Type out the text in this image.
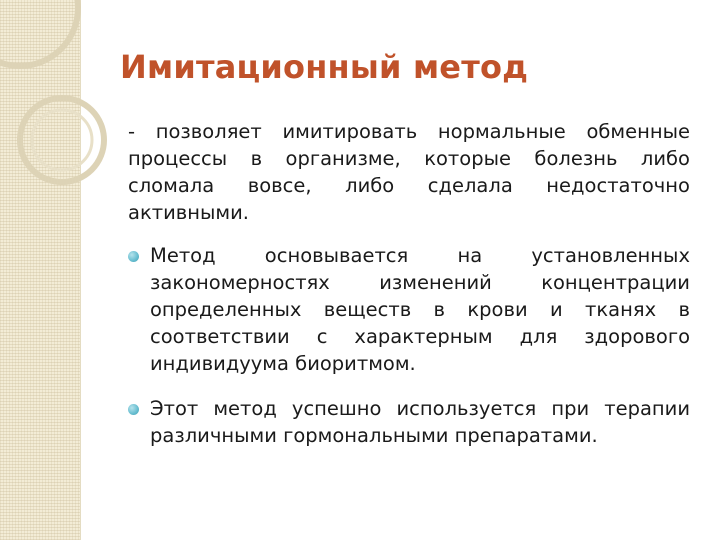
Имитационный метод

- позволяет имитировать нормальные обменные процессы в организме, которые болезнь либо сломала вовсе, либо сделала недостаточно активными.

Метод основывается на установленных закономерностях изменений концентрации определенных веществ в крови и тканях в соответствии с характерным для здорового индивидуума биоритмом.
Этот метод успешно используется при терапии различными гормональными препаратами.
